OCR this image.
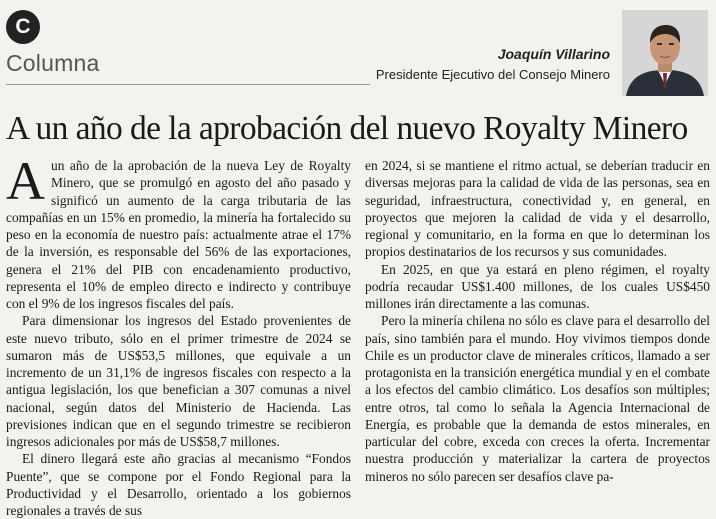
C
Columna	Joaquín Villarino
Presidente Ejecutivo del Consejo Minero
A un año de la aprobación del nuevo Royalty Minero

Aun año de la aprobación de la nueva Ley de Royalty Minero, que se promulgó en agosto del año pasado y significó un aumento de la carga tributaria de las compañías en un 15% en promedio, la minería ha fortalecido su peso en la economía de nuestro país: actualmente atrae el 17% de la inversión, es responsable del 56% de las exportaciones, genera el 21% del PIB con encadenamiento productivo, representa el 10% de empleo directo e indirecto y contribuye con el 9% de los ingresos fiscales del país.

Para dimensionar los ingresos del Estado provenientes de este nuevo tributo, sólo en el primer trimestre de 2024 se sumaron más de US$53,5 millones, que equivale a un incremento de un 31,1% de ingresos fiscales con respecto a la antigua legislación, los que benefician a 307 comunas a nivel nacional, según datos del Ministerio de Hacienda. Las previsiones indican que en el segundo trimestre se recibieron ingresos adicionales por más de US$58,7 millones.

El dinero llegará este año gracias al mecanismo “Fondos Puente”, que se compone por el Fondo Regional para la Productividad y el Desarrollo, orientado a los gobiernos regionales a través de sus

en 2024, si se mantiene el ritmo actual, se deberían traducir en diversas mejoras para la calidad de vida de las personas, sea en seguridad, infraestructura, conectividad y, en general, en proyectos que mejoren la calidad de vida y el desarrollo, regional y comunitario, en la forma en que lo determinan los propios destinatarios de los recursos y sus comunidades.

En 2025, en que ya estará en pleno régimen, el royalty podría recaudar US$1.400 millones, de los cuales US$450 millones irán directamente a las comunas.

Pero la minería chilena no sólo es clave para el desarrollo del país, sino también para el mundo. Hoy vivimos tiempos donde Chile es un productor clave de minerales críticos, llamado a ser protagonista en la transición energética mundial y en el combate a los efectos del cambio climático. Los desafíos son múltiples; entre otros, tal como lo señala la Agencia Internacional de Energía, es probable que la demanda de estos minerales, en particular del cobre, exceda con creces la oferta. Incrementar nuestra producción y materializar la cartera de proyectos mineros no sólo parecen ser desafíos clave pa-
